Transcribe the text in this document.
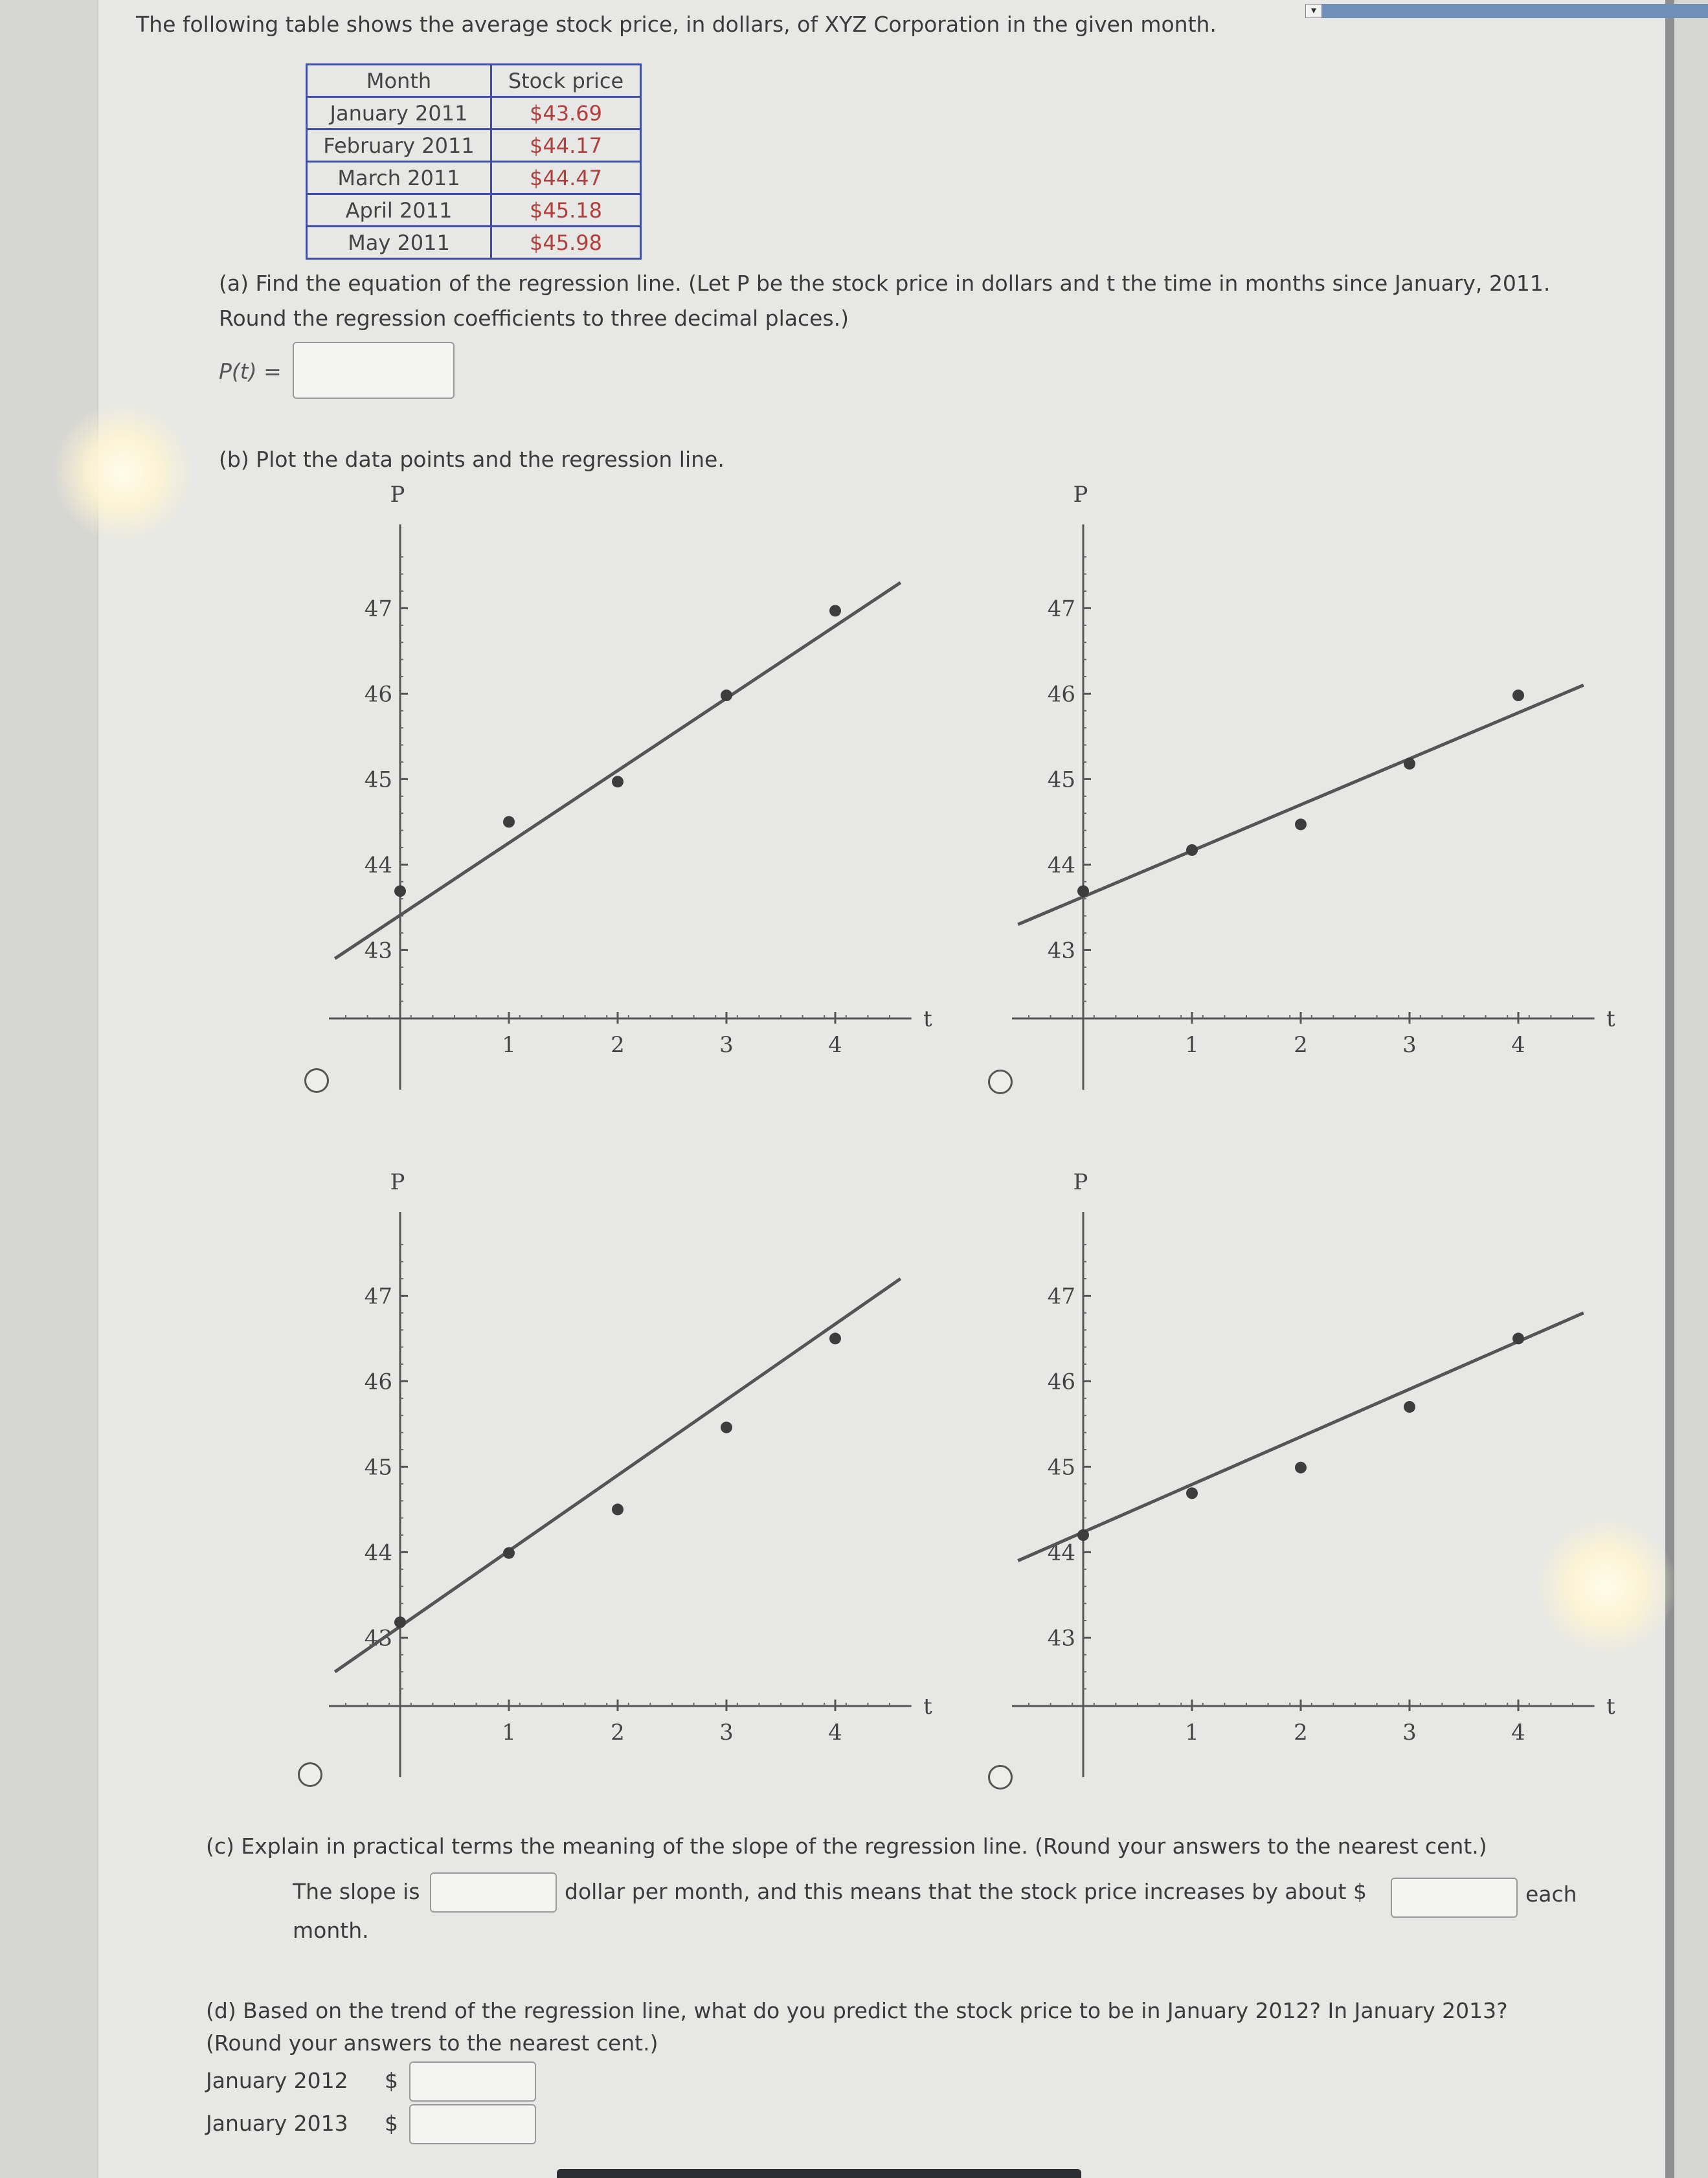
▾
The following table shows the average stock price, in dollars, of XYZ Corporation in the given month.
Month	Stock price
January 2011	$43.69
February 2011	$44.17
March 2011	$44.47
April 2011	$45.18
May 2011	$45.98
(a) Find the equation of the regression line. (Let P be the stock price in dollars and t the time in months since January, 2011.
Round the regression coefficients to three decimal places.)
P(t) =
(b) Plot the data points and the regression line.
P
t
1	2	3	4
43
44
45
46
47
P
t
1	2	3	4
43
44
45
46
47
P
t
1	2	3	4
43
44
45
46
47
P
t
1	2	3	4
43
44
45
46
47
(c) Explain in practical terms the meaning of the slope of the regression line. (Round your answers to the nearest cent.)
The slope is	dollar per month, and this means that the stock price increases by about $	each
month.
(d) Based on the trend of the regression line, what do you predict the stock price to be in January 2012? In January 2013?
(Round your answers to the nearest cent.)
January 2012 $
January 2013 $
